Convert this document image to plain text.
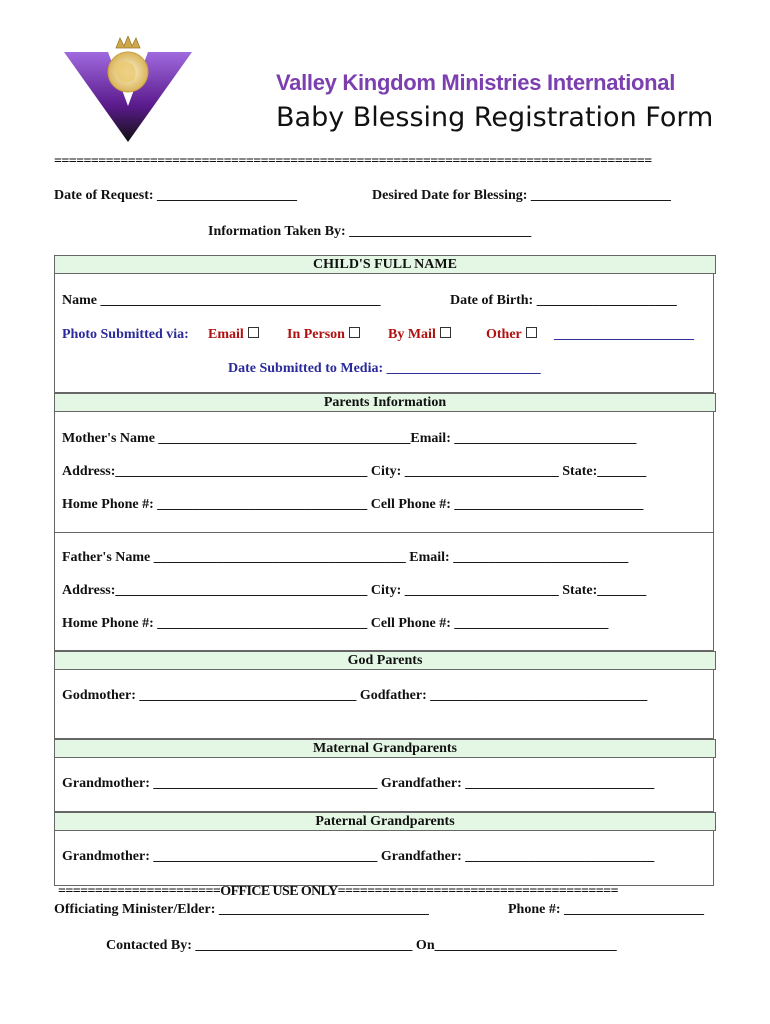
Valley Kingdom Ministries International
Baby Blessing Registration Form
=================================================================================
Date of Request: ____________________	Desired Date for Blessing: ____________________
Information Taken By: __________________________
CHILD'S FULL NAME
Name ________________________________________	Date of Birth: ____________________
Photo Submitted via: Email	In Person	By Mail	Other	____________________
Date Submitted to Media: ______________________
Parents Information
Mother's Name ____________________________________Email: __________________________
Address:____________________________________ City: ______________________ State:_______
Home Phone #: ______________________________ Cell Phone #: ___________________________
Father's Name ____________________________________ Email: _________________________
Address:____________________________________ City: ______________________ State:_______
Home Phone #: ______________________________ Cell Phone #: ______________________
God Parents
Godmother: _______________________________ Godfather: _______________________________
Maternal Grandparents
Grandmother: ________________________________ Grandfather: ___________________________
Paternal Grandparents
Grandmother: ________________________________ Grandfather: ___________________________
======================OFFICE USE ONLY======================================
Officiating Minister/Elder: ______________________________	Phone #: ____________________
Contacted By: _______________________________ On__________________________
